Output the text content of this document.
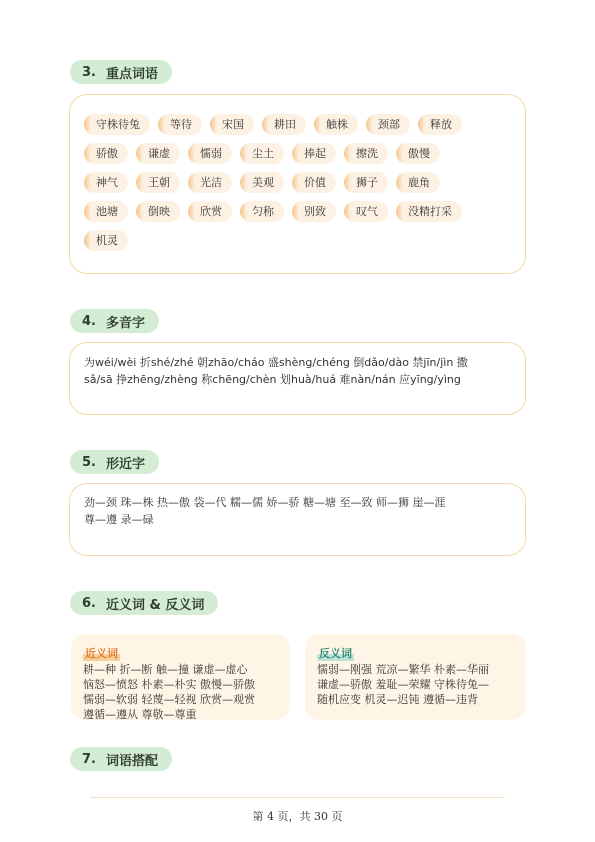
3. 重点词语
守株待兔	等待	宋国	耕田	触株	颈部	释放
骄傲	谦虚	懦弱	尘土	捧起	擦洗	傲慢
神气	王朝	光洁	美观	价值	狮子	鹿角
池塘	倒映	欣赏	匀称	别致	叹气	没精打采
机灵
4. 多音字
为wéi/wèi 折shé/zhé 朝zhāo/cháo 盛shèng/chéng 倒dǎo/dào 禁jīn/jìn 撒
sǎ/sā 挣zhēng/zhèng 称chēng/chèn 划huà/huá 难nàn/nán 应yīng/yìng
5. 形近字
劲—颈 珠—株 热—傲 袋—代 糯—儒 娇—骄 糖—塘 至—致 师—狮 崖—涯
尊—遵 录—碌
6. 近义词 & 反义词
近义词
耕—种 折—断 触—撞 谦虚—虚心
恼怒—愤怒 朴素—朴实 傲慢—骄傲
懦弱—软弱 轻蔑—轻视 欣赏—观赏
遵循—遵从 尊敬—尊重
反义词
懦弱—刚强 荒凉—繁华 朴素—华丽
谦虚—骄傲 羞耻—荣耀 守株待兔—
随机应变 机灵—迟钝 遵循—违背
7. 词语搭配
第 4 页，共 30 页
